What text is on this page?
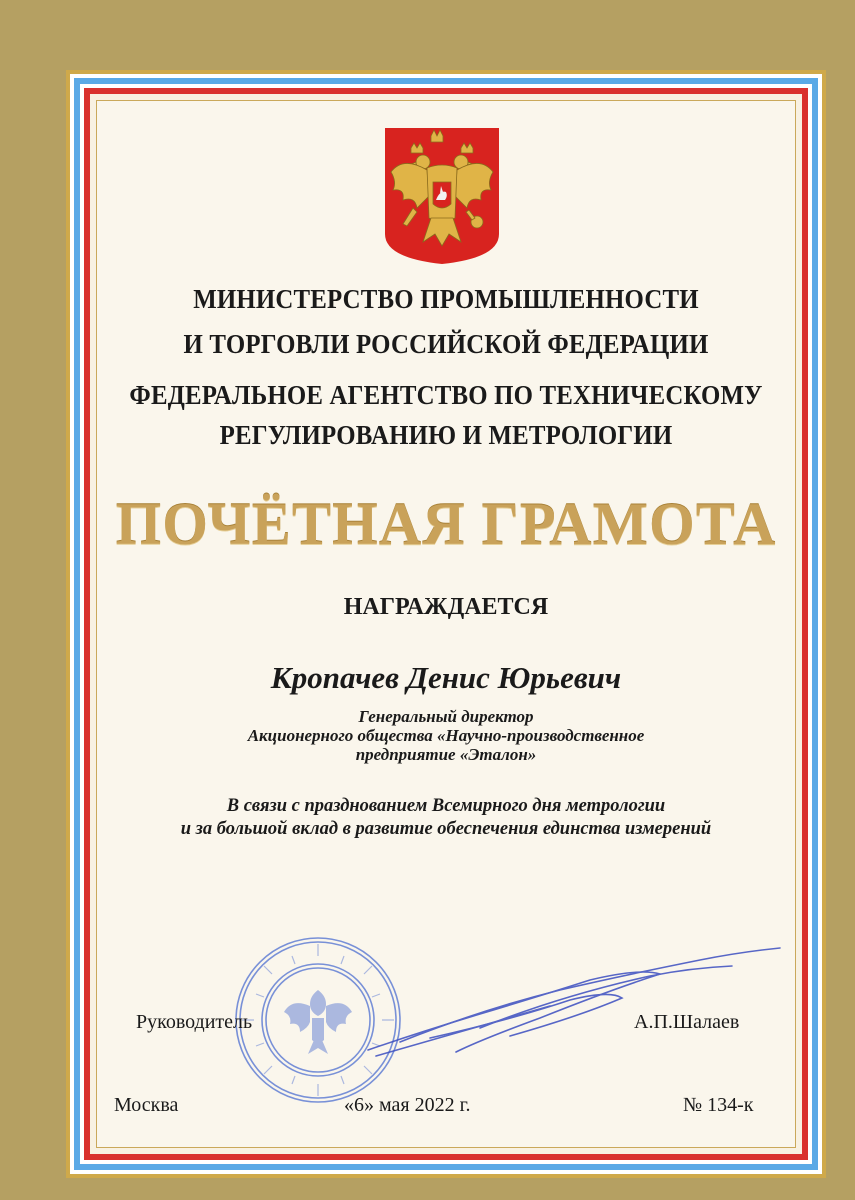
МИНИСТЕРСТВО ПРОМЫШЛЕННОСТИ
И ТОРГОВЛИ РОССИЙСКОЙ ФЕДЕРАЦИИ
ФЕДЕРАЛЬНОЕ АГЕНТСТВО ПО ТЕХНИЧЕСКОМУ
РЕГУЛИРОВАНИЮ И МЕТРОЛОГИИ
ПОЧЁТНАЯ ГРАМОТА
НАГРАЖДАЕТСЯ
Кропачев Денис Юрьевич
Генеральный директор
Акционерного общества «Научно-производственное
предприятие «Эталон»
В связи с празднованием Всемирного дня метрологии
и за большой вклад в развитие обеспечения единства измерений
Руководитель	А.П.Шалаев
Москва	«6» мая 2022 г.	№ 134-к
